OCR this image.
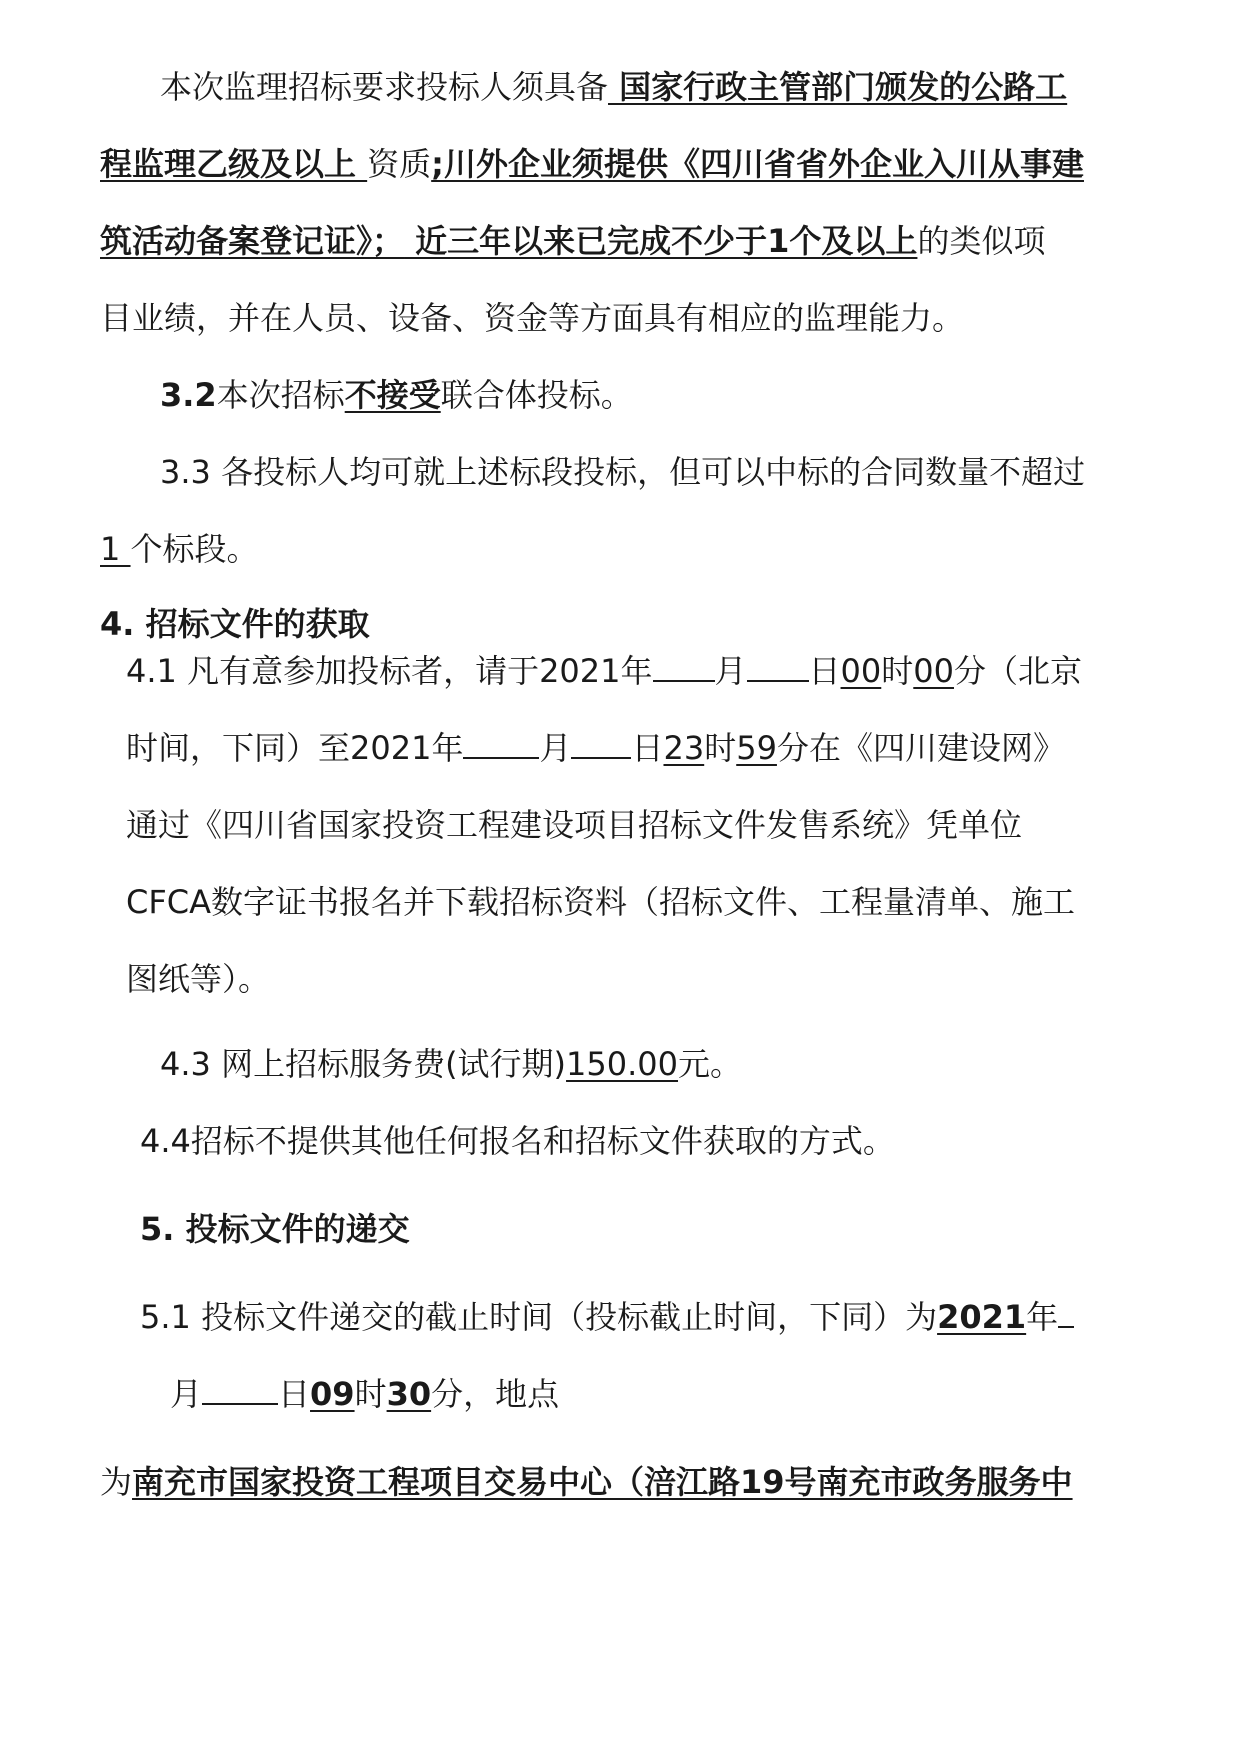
本次监理招标要求投标人须具备 国家行政主管部门颁发的公路工
程监理乙级及以上 资质;川外企业须提供《四川省省外企业入川从事建
筑活动备案登记证》； 近三年以来已完成不少于1个及以上的类似项
目业绩，并在人员、设备、资金等方面具有相应的监理能力。
3.2本次招标不接受联合体投标。
3.3 各投标人均可就上述标段投标，但可以中标的合同数量不超过
1 个标段。
4. 招标文件的获取
4.1 凡有意参加投标者，请于2021年 月 日00时00分（北京
时间，下同）至2021年 月 日23时59分在《四川建设网》
通过《四川省国家投资工程建设项目招标文件发售系统》凭单位
CFCA数字证书报名并下载招标资料（招标文件、工程量清单、施工
图纸等）。
4.3 网上招标服务费(试行期)150.00元。
4.4招标不提供其他任何报名和招标文件获取的方式。
5. 投标文件的递交
5.1 投标文件递交的截止时间（投标截止时间，下同）为2021年
月 日09时30分，地点
为南充市国家投资工程项目交易中心（涪江路19号南充市政务服务中
